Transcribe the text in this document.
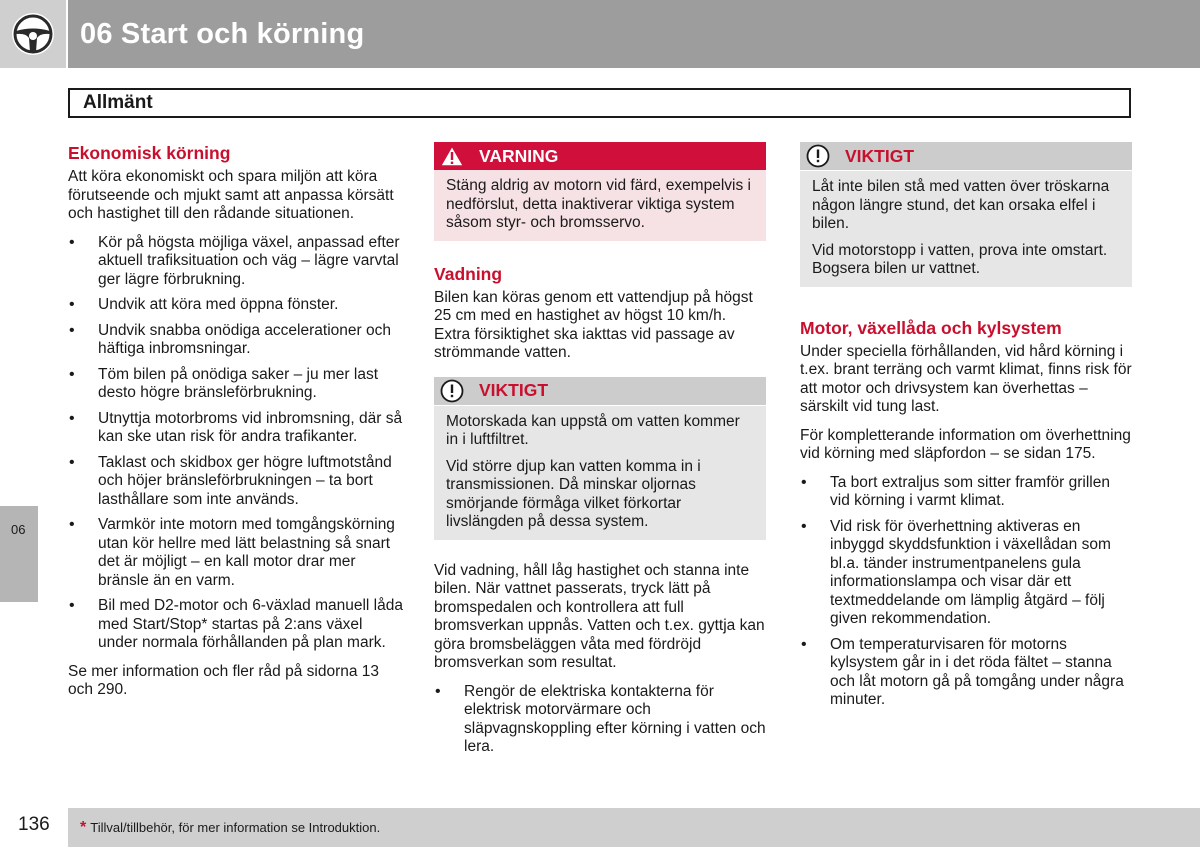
06 Start och körning
Allmänt
Ekonomisk körning

Att köra ekonomiskt och spara miljön att köra förutseende och mjukt samt att anpassa körsätt och hastighet till den rådande situationen.

• Kör på högsta möjliga växel, anpassad efter aktuell trafiksituation och väg – lägre varvtal ger lägre förbrukning.
• Undvik att köra med öppna fönster.
• Undvik snabba onödiga accelerationer och häftiga inbromsningar.
• Töm bilen på onödiga saker – ju mer last desto högre bränsleförbrukning.
• Utnyttja motorbroms vid inbromsning, där så kan ske utan risk för andra trafikanter.
• Taklast och skidbox ger högre luftmotstånd och höjer bränsleförbrukningen – ta bort lasthållare som inte används.
• Varmkör inte motorn med tomgångskörning utan kör hellre med lätt belastning så snart det är möjligt – en kall motor drar mer bränsle än en varm.
• Bil med D2-motor och 6-växlad manuell låda med Start/Stop* startas på 2:ans växel under normala förhållanden på plan mark.

Se mer information och fler råd på sidorna 13 och 290.

VARNING

Stäng aldrig av motorn vid färd, exempelvis i nedförslut, detta inaktiverar viktiga system såsom styr- och bromsservo.

Vadning

Bilen kan köras genom ett vattendjup på högst 25 cm med en hastighet av högst 10 km/h. Extra försiktighet ska iakttas vid passage av strömmande vatten.

VIKTIGT

Motorskada kan uppstå om vatten kommer in i luftfiltret.

Vid större djup kan vatten komma in i transmissionen. Då minskar oljornas smörjande förmåga vilket förkortar livslängden på dessa system.

Vid vadning, håll låg hastighet och stanna inte bilen. När vattnet passerats, tryck lätt på bromspedalen och kontrollera att full bromsverkan uppnås. Vatten och t.ex. gyttja kan göra bromsbeläggen våta med fördröjd bromsverkan som resultat.

• Rengör de elektriska kontakterna för elektrisk motorvärmare och släpvagnskoppling efter körning i vatten och lera.
VIKTIGT

Låt inte bilen stå med vatten över tröskarna någon längre stund, det kan orsaka elfel i bilen.

Vid motorstopp i vatten, prova inte omstart. Bogsera bilen ur vattnet.

Motor, växellåda och kylsystem

Under speciella förhållanden, vid hård körning i t.ex. brant terräng och varmt klimat, finns risk för att motor och drivsystem kan överhettas – särskilt vid tung last.

För kompletterande information om överhettning vid körning med släpfordon – se sidan 175.

• Ta bort extraljus som sitter framför grillen vid körning i varmt klimat.
• Vid risk för överhettning aktiveras en inbyggd skyddsfunktion i växellådan som bl.a. tänder instrumentpanelens gula informationslampa och visar där ett textmeddelande om lämplig åtgärd – följ given rekommendation.
• Om temperaturvisaren för motorns kylsystem går in i det röda fältet – stanna och låt motorn gå på tomgång under några minuter.
06
136 * Tillval/tillbehör, för mer information se Introduktion.
